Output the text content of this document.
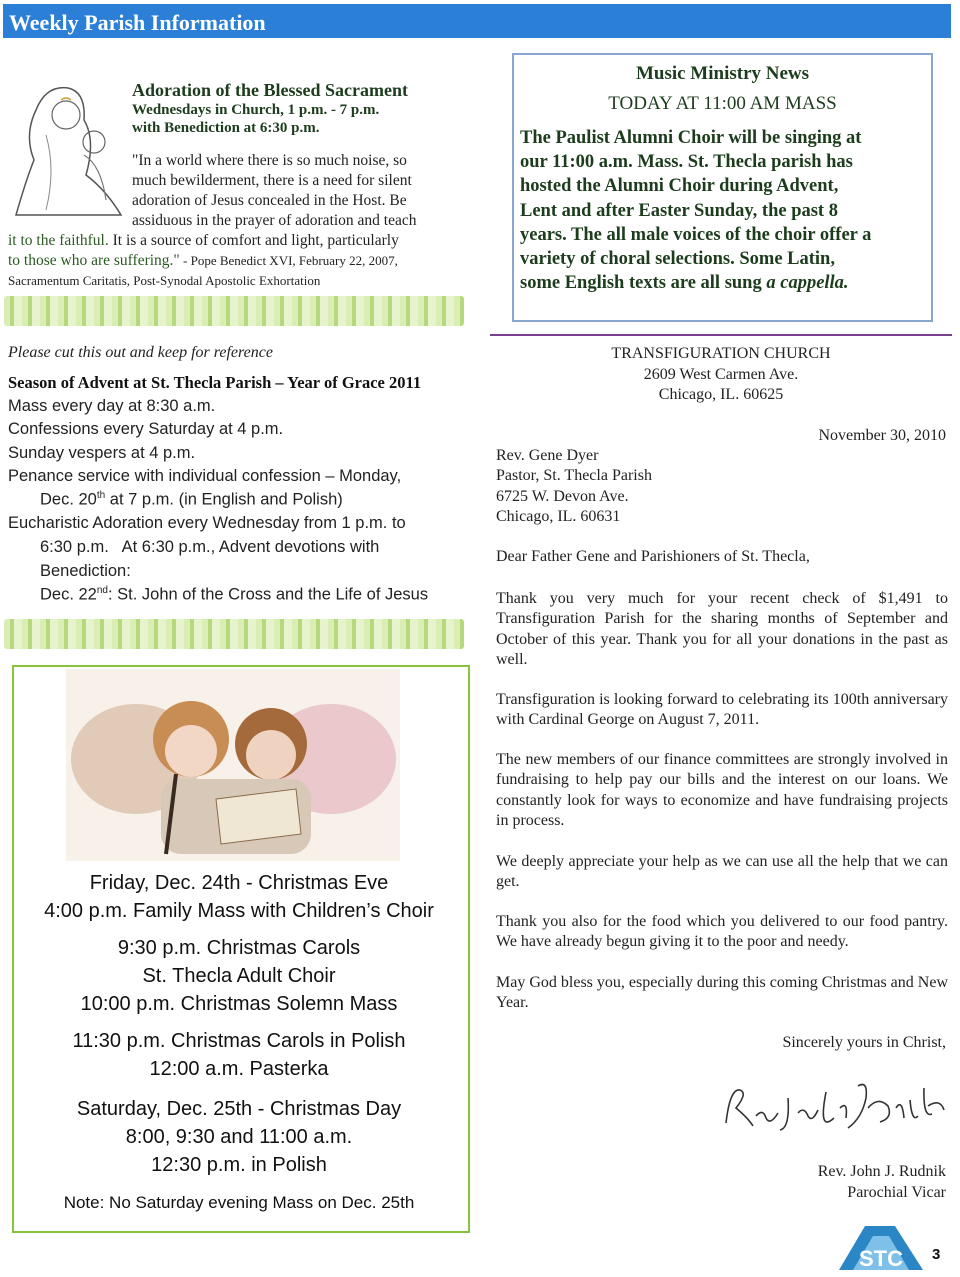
Weekly Parish Information
Adoration of the Blessed Sacrament
Wednesdays in Church, 1 p.m. - 7 p.m.
with Benediction at 6:30 p.m.
"In a world where there is so much noise, so
much bewilderment, there is a need for silent
adoration of Jesus concealed in the Host. Be
assiduous in the prayer of adoration and teach
it to the faithful. It is a source of comfort and light, particularly
to those who are suffering." - Pope Benedict XVI, February 22, 2007,
Sacramentum Caritatis, Post-Synodal Apostolic Exhortation
Music Ministry News
TODAY AT 11:00 AM MASS
The Paulist Alumni Choir will be singing at
our 11:00 a.m. Mass. St. Thecla parish has
hosted the Alumni Choir during Advent,
Lent and after Easter Sunday, the past 8
years. The all male voices of the choir offer a
variety of choral selections. Some Latin,
some English texts are all sung a cappella.
Please cut this out and keep for reference
Season of Advent at St. Thecla Parish – Year of Grace 2011
Mass every day at 8:30 a.m.
Confessions every Saturday at 4 p.m.
Sunday vespers at 4 p.m.
Penance service with individual confession – Monday,
Dec. 20th at 7 p.m. (in English and Polish)
Eucharistic Adoration every Wednesday from 1 p.m. to
6:30 p.m.   At 6:30 p.m., Advent devotions with
Benediction:
Dec. 22nd: St. John of the Cross and the Life of Jesus
Friday, Dec. 24th - Christmas Eve
4:00 p.m. Family Mass with Children’s Choir
9:30 p.m. Christmas Carols
St. Thecla Adult Choir
10:00 p.m. Christmas Solemn Mass
11:30 p.m. Christmas Carols in Polish
12:00 a.m. Pasterka
Saturday, Dec. 25th - Christmas Day
8:00, 9:30 and 11:00 a.m.
12:30 p.m. in Polish
Note: No Saturday evening Mass on Dec. 25th
TRANSFIGURATION CHURCH
2609 West Carmen Ave.
Chicago, IL. 60625
November 30, 2010
Rev. Gene Dyer
Pastor, St. Thecla Parish
6725 W. Devon Ave.
Chicago, IL. 60631
Dear Father Gene and Parishioners of St. Thecla,
Thank you very much for your recent check of $1,491 to Transfiguration Parish for the sharing months of September and October of this year. Thank you for all your donations in the past as well.
Transfiguration is looking forward to celebrating its 100th anniversary with Cardinal George on August 7, 2011.
The new members of our finance committees are strongly involved in fundraising to help pay our bills and the interest on our loans. We constantly look for ways to economize and have fundraising projects in process.
We deeply appreciate your help as we can use all the help that we can get.
Thank you also for the food which you delivered to our food pantry. We have already begun giving it to the poor and needy.
May God bless you, especially during this coming Christmas and New Year.
Sincerely yours in Christ,
Rev. John J. Rudnik
Parochial Vicar
STC 3
